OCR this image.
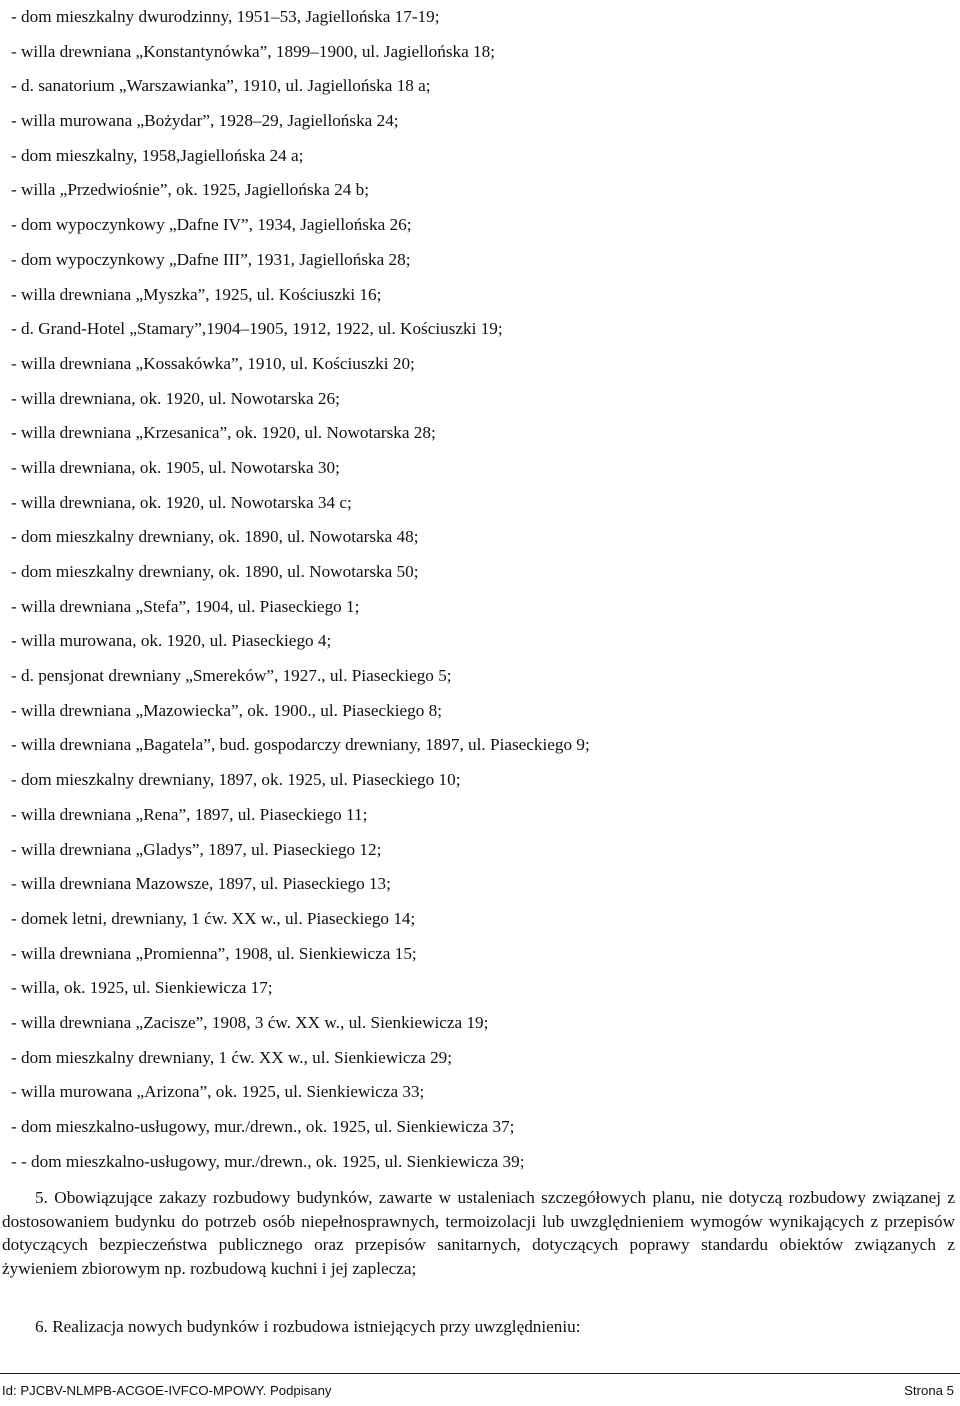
- dom mieszkalny dwurodzinny, 1951–53, Jagiellońska 17-19;
- willa drewniana „Konstantynówka”, 1899–1900, ul. Jagiellońska 18;
- d. sanatorium „Warszawianka”, 1910, ul. Jagiellońska 18 a;
- willa murowana „Bożydar”, 1928–29, Jagiellońska 24;
- dom mieszkalny, 1958,Jagiellońska 24 a;
- willa „Przedwiośnie”, ok. 1925, Jagiellońska 24 b;
- dom wypoczynkowy „Dafne IV”, 1934, Jagiellońska 26;
- dom wypoczynkowy „Dafne III”, 1931, Jagiellońska 28;
- willa drewniana „Myszka”, 1925, ul. Kościuszki 16;
- d. Grand-Hotel „Stamary”,1904–1905, 1912, 1922, ul. Kościuszki 19;
- willa drewniana „Kossakówka”, 1910, ul. Kościuszki 20;
- willa drewniana, ok. 1920, ul. Nowotarska 26;
- willa drewniana „Krzesanica”, ok. 1920, ul. Nowotarska 28;
- willa drewniana, ok. 1905, ul. Nowotarska 30;
- willa drewniana, ok. 1920, ul. Nowotarska 34 c;
- dom mieszkalny drewniany, ok. 1890, ul. Nowotarska 48;
- dom mieszkalny drewniany, ok. 1890, ul. Nowotarska 50;
- willa drewniana „Stefa”, 1904, ul. Piaseckiego 1;
- willa murowana, ok. 1920, ul. Piaseckiego 4;
- d. pensjonat drewniany „Smereków”, 1927., ul. Piaseckiego 5;
- willa drewniana „Mazowiecka”, ok. 1900., ul. Piaseckiego 8;
- willa drewniana „Bagatela”, bud. gospodarczy drewniany, 1897, ul. Piaseckiego 9;
- dom mieszkalny drewniany, 1897, ok. 1925, ul. Piaseckiego 10;
- willa drewniana „Rena”, 1897, ul. Piaseckiego 11;
- willa drewniana „Gladys”, 1897, ul. Piaseckiego 12;
- willa drewniana Mazowsze, 1897, ul. Piaseckiego 13;
- domek letni, drewniany, 1 ćw. XX w., ul. Piaseckiego 14;
- willa drewniana „Promienna”, 1908, ul. Sienkiewicza 15;
- willa, ok. 1925, ul. Sienkiewicza 17;
- willa drewniana „Zacisze”, 1908, 3 ćw. XX w., ul. Sienkiewicza 19;
- dom mieszkalny drewniany, 1 ćw. XX w., ul. Sienkiewicza 29;
- willa murowana „Arizona”, ok. 1925, ul. Sienkiewicza 33;
- dom mieszkalno-usługowy, mur./drewn., ok. 1925, ul. Sienkiewicza 37;
- - dom mieszkalno-usługowy, mur./drewn., ok. 1925, ul. Sienkiewicza 39;

5. Obowiązujące zakazy rozbudowy budynków, zawarte w ustaleniach szczegółowych planu, nie dotyczą rozbudowy związanej z dostosowaniem budynku do potrzeb osób niepełnosprawnych, termoizolacji lub uwzględnieniem wymogów wynikających z przepisów dotyczących bezpieczeństwa publicznego oraz przepisów sanitarnych, dotyczących poprawy standardu obiektów związanych z żywieniem zbiorowym np. rozbudową kuchni i jej zaplecza;

6. Realizacja nowych budynków i rozbudowa istniejących przy uwzględnieniu:

Id: PJCBV-NLMPB-ACGOE-IVFCO-MPOWY. Podpisany	Strona 5
